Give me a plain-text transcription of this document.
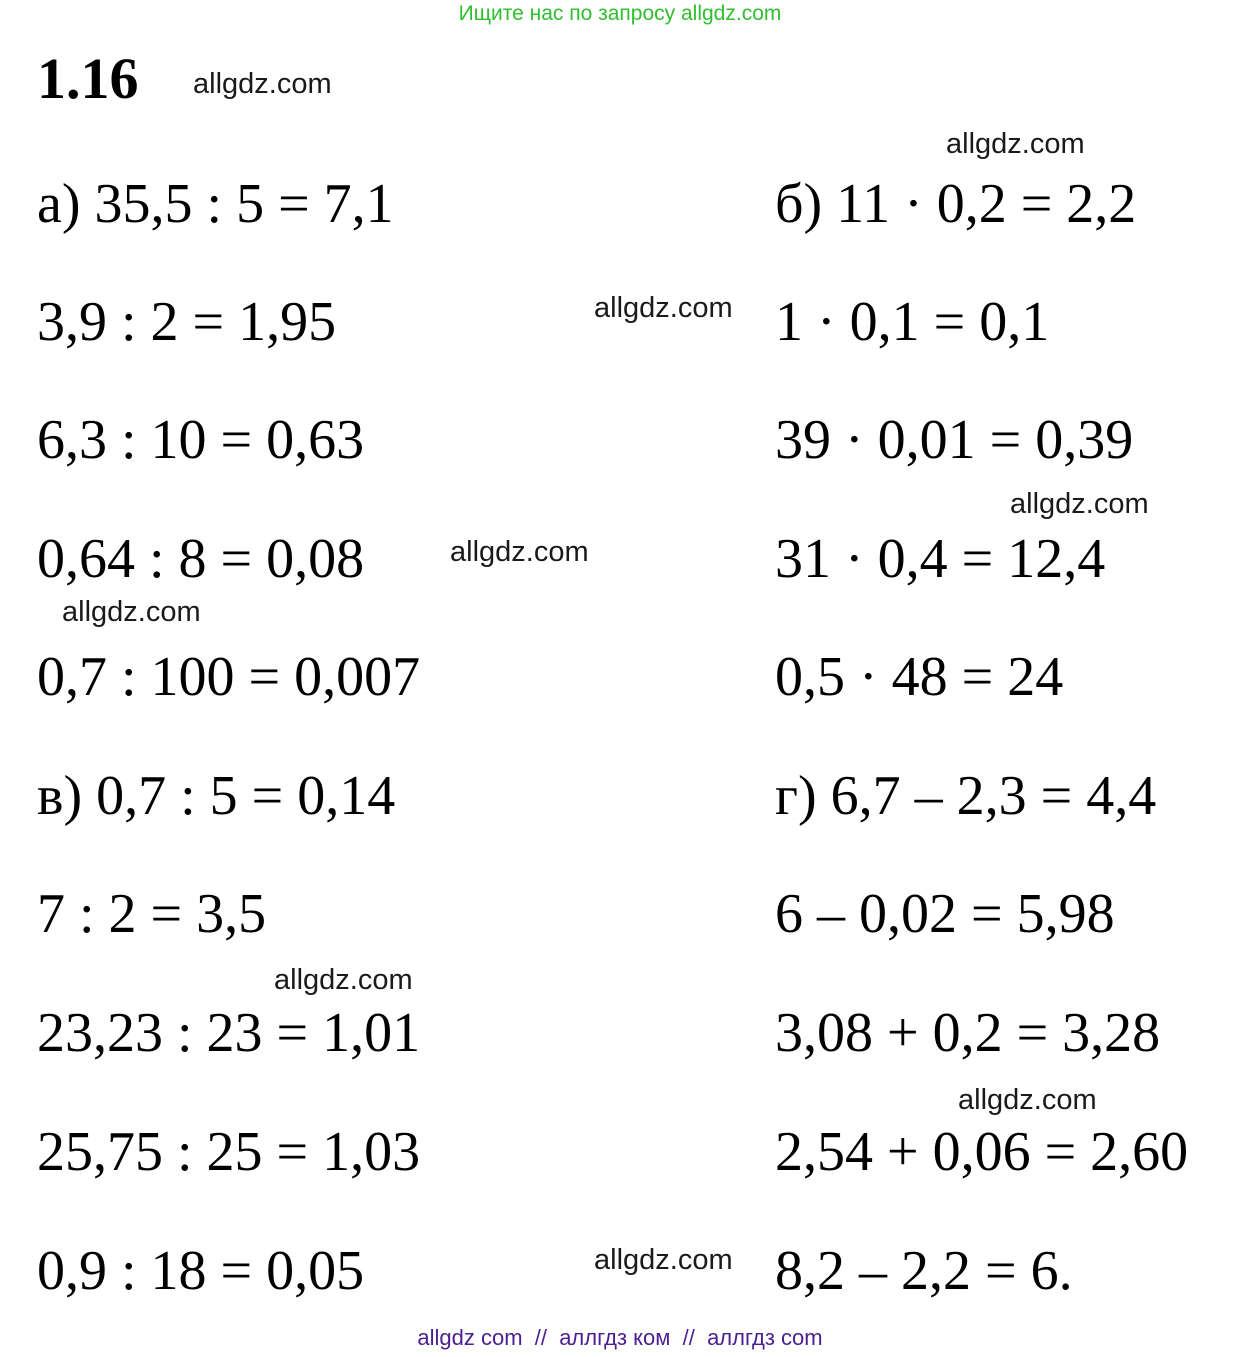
Ищите нас по запросу allgdz.com
1.16
а) 35,5 : 5 = 7,1
3,9 : 2 = 1,95
6,3 : 10 = 0,63
0,64 : 8 = 0,08
0,7 : 100 = 0,007
в) 0,7 : 5 = 0,14
7 : 2 = 3,5
23,23 : 23 = 1,01
25,75 : 25 = 1,03
0,9 : 18 = 0,05
б) 11 · 0,2 = 2,2
1 · 0,1 = 0,1
39 · 0,01 = 0,39
31 · 0,4 = 12,4
0,5 · 48 = 24
г) 6,7 – 2,3 = 4,4
6 – 0,02 = 5,98
3,08 + 0,2 = 3,28
2,54 + 0,06 = 2,60
8,2 – 2,2 = 6.
allgdz.com
allgdz.com
allgdz.com
allgdz.com
allgdz.com
allgdz.com
allgdz.com
allgdz.com
allgdz.com
allgdz com  //  аллгдз ком  //  аллгдз com
